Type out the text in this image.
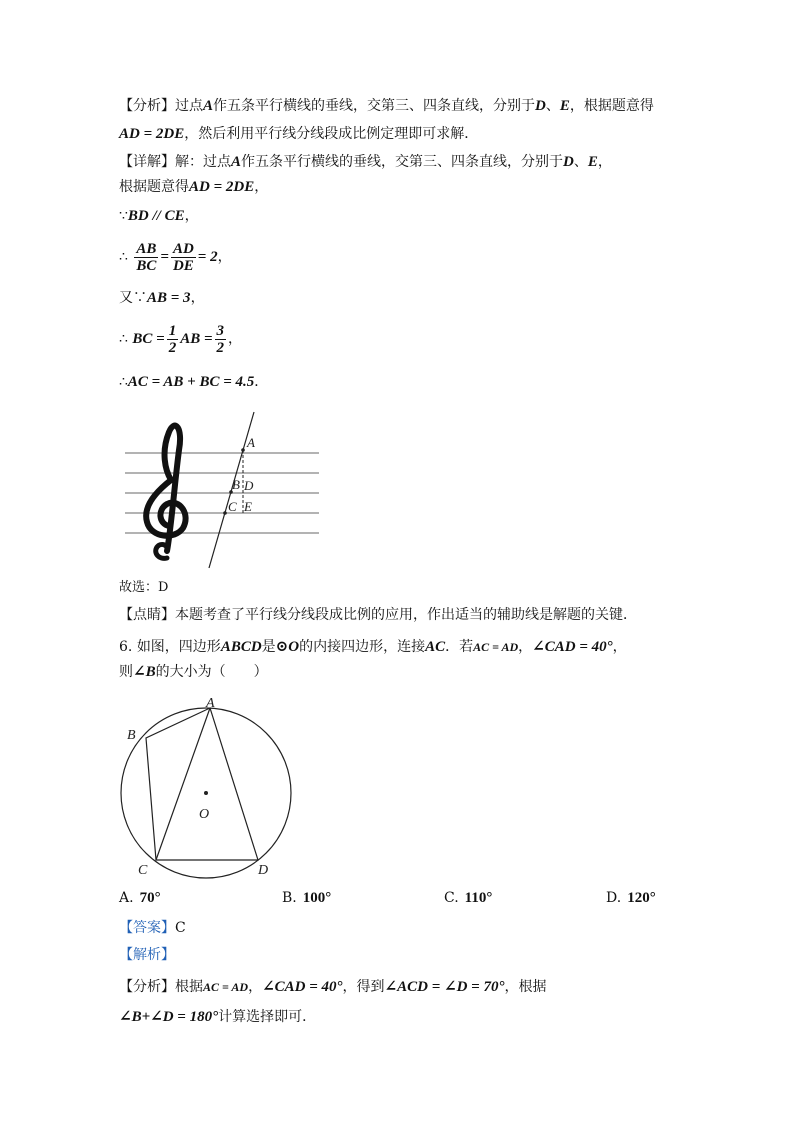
【分析】过点A作五条平行横线的垂线，交第三、四条直线，分别于D、E，根据题意得
AD = 2DE，然后利用平行线分线段成比例定理即可求解．
【详解】解：过点A作五条平行横线的垂线，交第三、四条直线，分别于D、E，
根据题意得AD = 2DE，
∵BD // CE，
∴ $\frac{AB}{BC} = \frac{AD}{DE} = 2$，
又∵AB = 3，
∴ BC = $\frac{1}{2}$ AB = $\frac{3}{2}$ ，
∴AC = AB + BC = 4.5．
A
B D
C E
故选：D
【点睛】本题考查了平行线分线段成比例的应用，作出适当的辅助线是解题的关键．
6. 如图，四边形ABCD是⊙O的内接四边形，连接AC．若AC = AD，∠CAD = 40°，
则∠B的大小为（　　）
A
B
O
C	D
A. 70°	B. 100°	C. 110°	D. 120°
【答案】C
【解析】
【分析】根据AC = AD，∠CAD = 40°，得到∠ACD = ∠D = 70°，根据
∠B+∠D = 180°计算选择即可．
